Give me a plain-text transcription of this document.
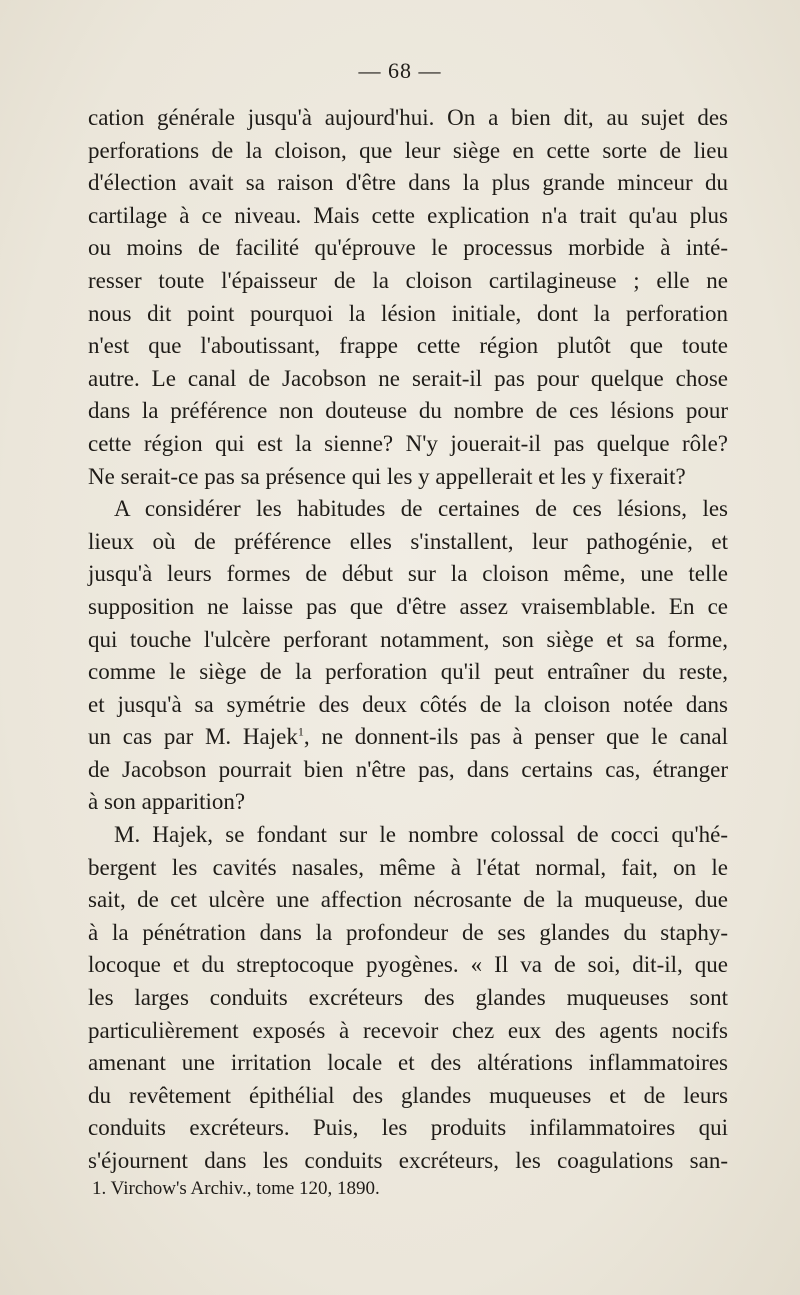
— 68 —
cation générale jusqu'à aujourd'hui. On a bien dit, au sujet des
perforations de la cloison, que leur siège en cette sorte de lieu
d'élection avait sa raison d'être dans la plus grande minceur du
cartilage à ce niveau. Mais cette explication n'a trait qu'au plus
ou moins de facilité qu'éprouve le processus morbide à inté-
resser toute l'épaisseur de la cloison cartilagineuse ; elle ne
nous dit point pourquoi la lésion initiale, dont la perforation
n'est que l'aboutissant, frappe cette région plutôt que toute
autre. Le canal de Jacobson ne serait-il pas pour quelque chose
dans la préférence non douteuse du nombre de ces lésions pour
cette région qui est la sienne? N'y jouerait-il pas quelque rôle?
Ne serait-ce pas sa présence qui les y appellerait et les y fixerait?
A considérer les habitudes de certaines de ces lésions, les
lieux où de préférence elles s'installent, leur pathogénie, et
jusqu'à leurs formes de début sur la cloison même, une telle
supposition ne laisse pas que d'être assez vraisemblable. En ce
qui touche l'ulcère perforant notamment, son siège et sa forme,
comme le siège de la perforation qu'il peut entraîner du reste,
et jusqu'à sa symétrie des deux côtés de la cloison notée dans
un cas par M. Hajek$^1$, ne donnent-ils pas à penser que le canal
de Jacobson pourrait bien n'être pas, dans certains cas, étranger
à son apparition?
M. Hajek, se fondant sur le nombre colossal de cocci qu'hé-
bergent les cavités nasales, même à l'état normal, fait, on le
sait, de cet ulcère une affection nécrosante de la muqueuse, due
à la pénétration dans la profondeur de ses glandes du staphy-
locoque et du streptocoque pyogènes. « Il va de soi, dit-il, que
les larges conduits excréteurs des glandes muqueuses sont
particulièrement exposés à recevoir chez eux des agents nocifs
amenant une irritation locale et des altérations inflammatoires
du revêtement épithélial des glandes muqueuses et de leurs
conduits excréteurs. Puis, les produits infilammatoires qui
s'éjournent dans les conduits excréteurs, les coagulations san-
1. Virchow's Archiv., tome 120, 1890.
